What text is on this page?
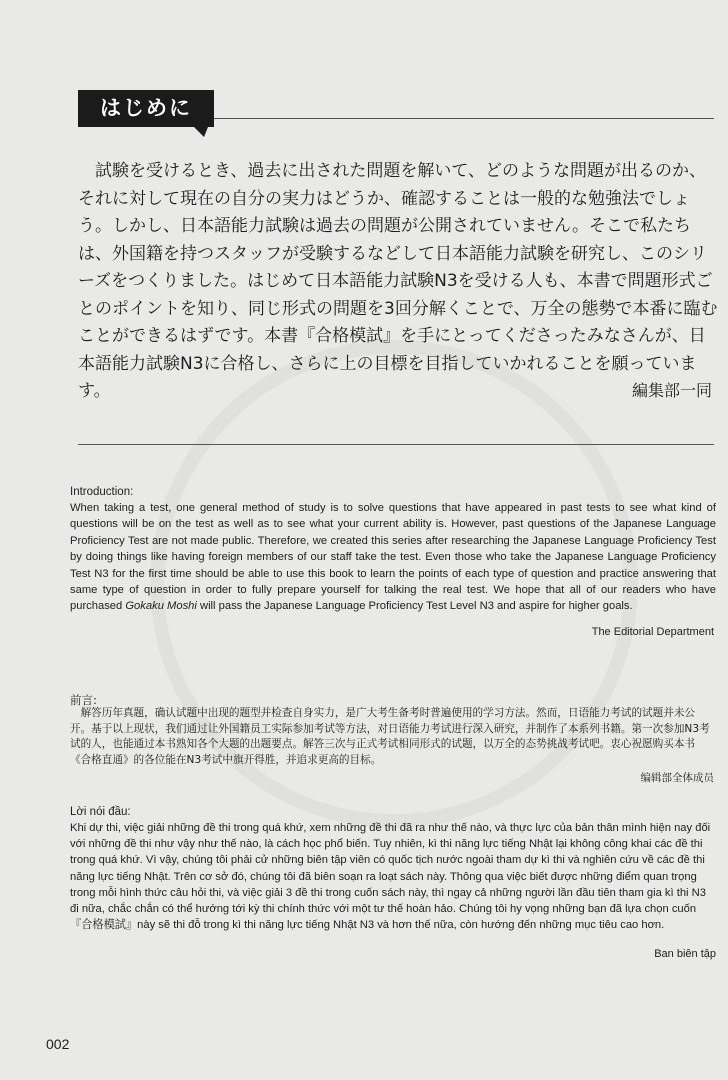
はじめに

　試験を受けるとき、過去に出された問題を解いて、どのような問題が出るのか、それに対して現在の自分の実力はどうか、確認することは一般的な勉強法でしょう。しかし、日本語能力試験は過去の問題が公開されていません。そこで私たちは、外国籍を持つスタッフが受験するなどして日本語能力試験を研究し、このシリーズをつくりました。はじめて日本語能力試験N3を受ける人も、本書で問題形式ごとのポイントを知り、同じ形式の問題を3回分解くことで、万全の態勢で本番に臨むことができるはずです。本書『合格模試』を手にとってくださったみなさんが、日本語能力試験N3に合格し、さらに上の目標を目指していかれることを願っています。	編集部一同
Introduction:

When taking a test, one general method of study is to solve questions that have appeared in past tests to see what kind of questions will be on the test as well as to see what your current ability is. However, past questions of the Japanese Language Proficiency Test are not made public. Therefore, we created this series after researching the Japanese Language Proficiency Test by doing things like having foreign members of our staff take the test. Even those who take the Japanese Language Proficiency Test N3 for the first time should be able to use this book to learn the points of each type of question and practice answering that same type of question in order to fully prepare yourself for talking the real test. We hope that all of our readers who have purchased Gokaku Moshi will pass the Japanese Language Proficiency Test Level N3 and aspire for higher goals.

The Editorial Department
前言:

　解答历年真题，确认试题中出现的题型并检查自身实力，是广大考生备考时普遍使用的学习方法。然而，日语能力考试的试题并未公开。基于以上现状，我们通过让外国籍员工实际参加考试等方法，对日语能力考试进行深入研究，并制作了本系列书籍。第一次参加N3考试的人，也能通过本书熟知各个大题的出题要点。解答三次与正式考试相同形式的试题，以万全的态势挑战考试吧。衷心祝愿购买本书《合格直通》的各位能在N3考试中旗开得胜，并追求更高的目标。

编辑部全体成员
Lời nói đầu:

Khi dự thi, việc giải những đề thi trong quá khứ, xem những đề thi đã ra như thế nào, và thực lực của bản thân mình hiện nay đối với những đề thi như vậy như thế nào, là cách học phổ biến. Tuy nhiên, kì thi năng lực tiếng Nhật lại không công khai các đề thi trong quá khứ. Vì vậy, chúng tôi phải cử những biên tập viên có quốc tịch nước ngoài tham dự kì thi và nghiên cứu về các đề thi năng lực tiếng Nhật. Trên cơ sở đó, chúng tôi đã biên soạn ra loạt sách này. Thông qua việc biết được những điểm quan trọng trong mỗi hình thức câu hỏi thi, và việc giải 3 đề thi trong cuốn sách này, thì ngay cả những người lần đầu tiên tham gia kì thi N3 đi nữa, chắc chắn có thể hướng tới kỳ thi chính thức với một tư thế hoàn hảo. Chúng tôi hy vọng những bạn đã lựa chọn cuốn『合格模試』này sẽ thi đỗ trong kì thi năng lực tiếng Nhật N3 và hơn thế nữa, còn hướng đến những mục tiêu cao hơn.

Ban biên tập
002
